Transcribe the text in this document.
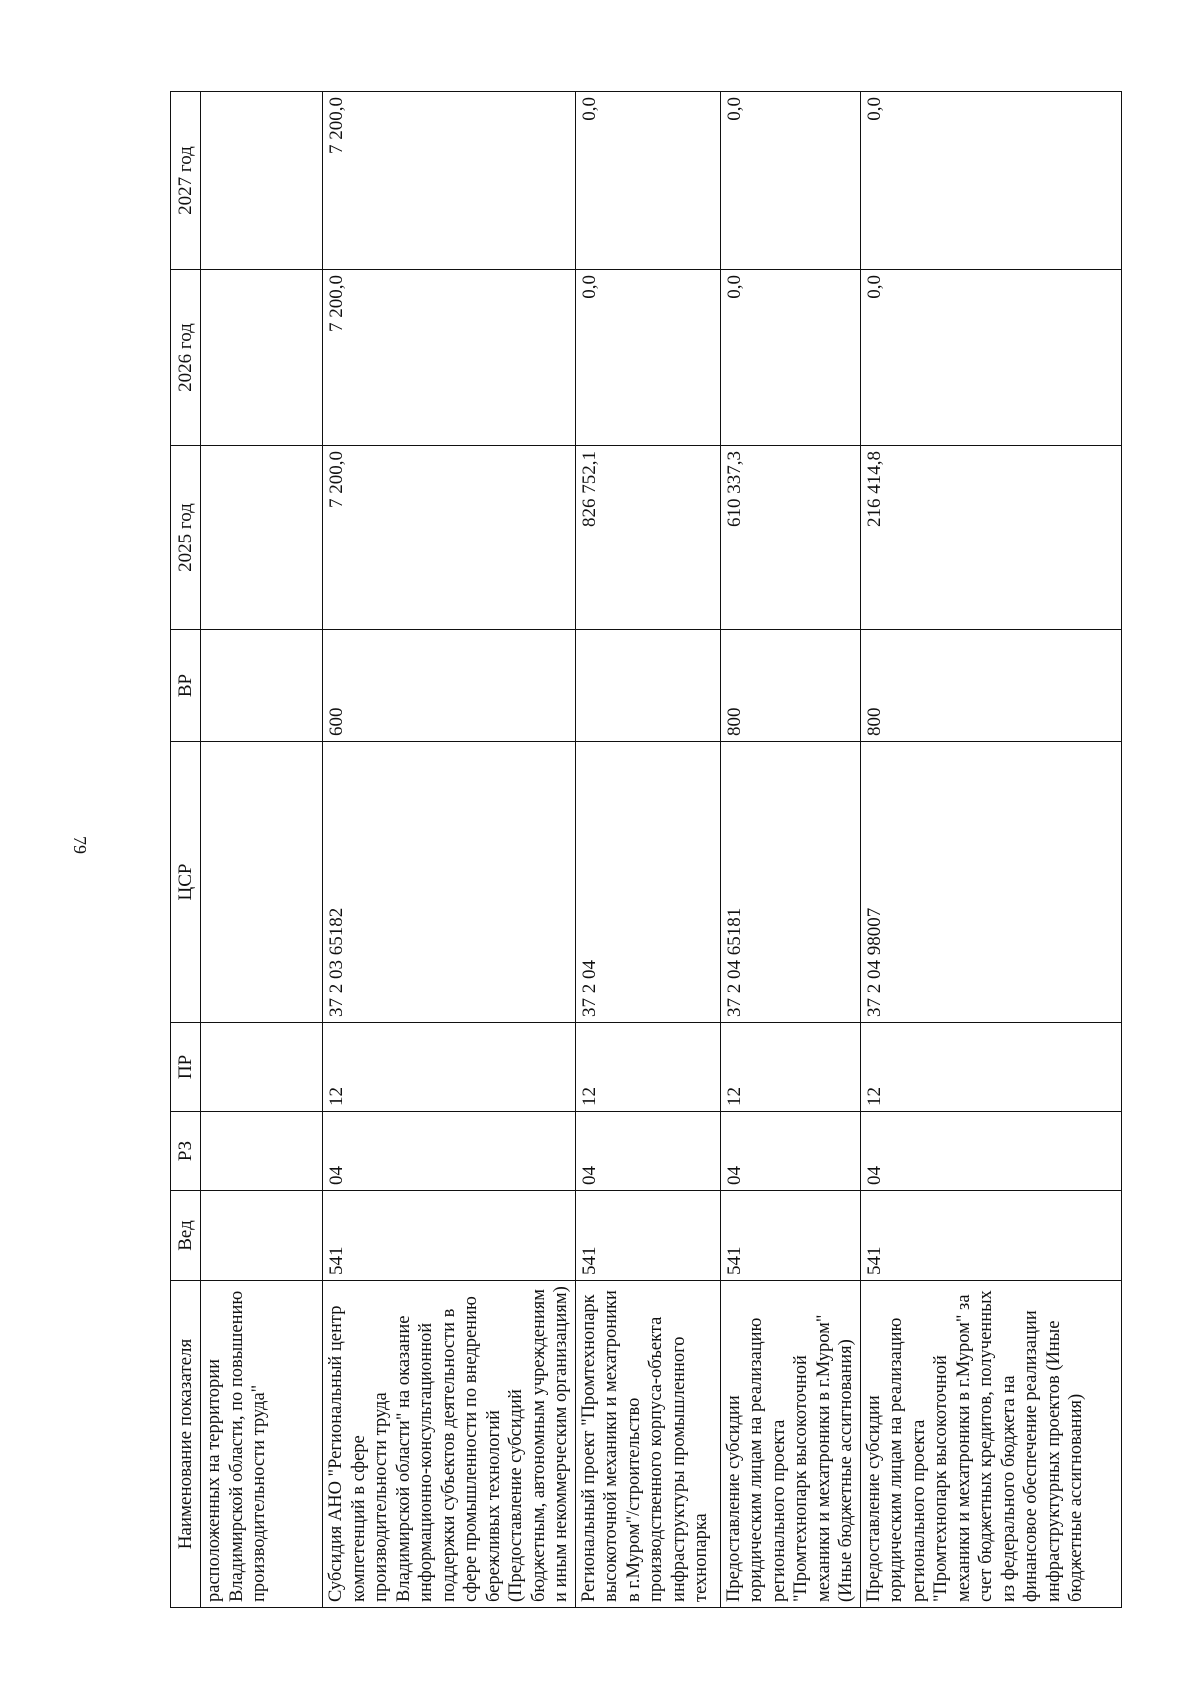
79
Наименование показателя	Вед	РЗ	ПР	ЦСР	ВР	2025 год	2026 год	2027 год
расположенных на территории Владимирской области, по повышению производительности труда"								
Субсидия АНО "Региональный центр компетенций в сфере производительности труда Владимирской области" на оказание информационно-консультационной поддержки субъектов деятельности в сфере промышленности по внедрению бережливых технологий (Предоставление субсидий бюджетным, автономным учреждениям и иным некоммерческим организациям)	541	04	12	37 2 03 65182	600	7 200,0	7 200,0	7 200,0
Региональный проект "Промтехнопарк высокоточной механики и мехатроники в г.Муром"/строительство производственного корпуса-объекта инфраструктуры промышленного технопарка	541	04	12	37 2 04		826 752,1	0,0	0,0
Предоставление субсидии юридическим лицам на реализацию регионального проекта "Промтехнопарк высокоточной механики и мехатроники в г.Муром" (Иные бюджетные ассигнования)	541	04	12	37 2 04 65181	800	610 337,3	0,0	0,0
Предоставление субсидии юридическим лицам на реализацию регионального проекта "Промтехнопарк высокоточной механики и мехатроники в г.Муром" за счет бюджетных кредитов, полученных из федерального бюджета на финансовое обеспечение реализации инфраструктурных проектов (Иные бюджетные ассигнования)	541	04	12	37 2 04 98007	800	216 414,8	0,0	0,0
